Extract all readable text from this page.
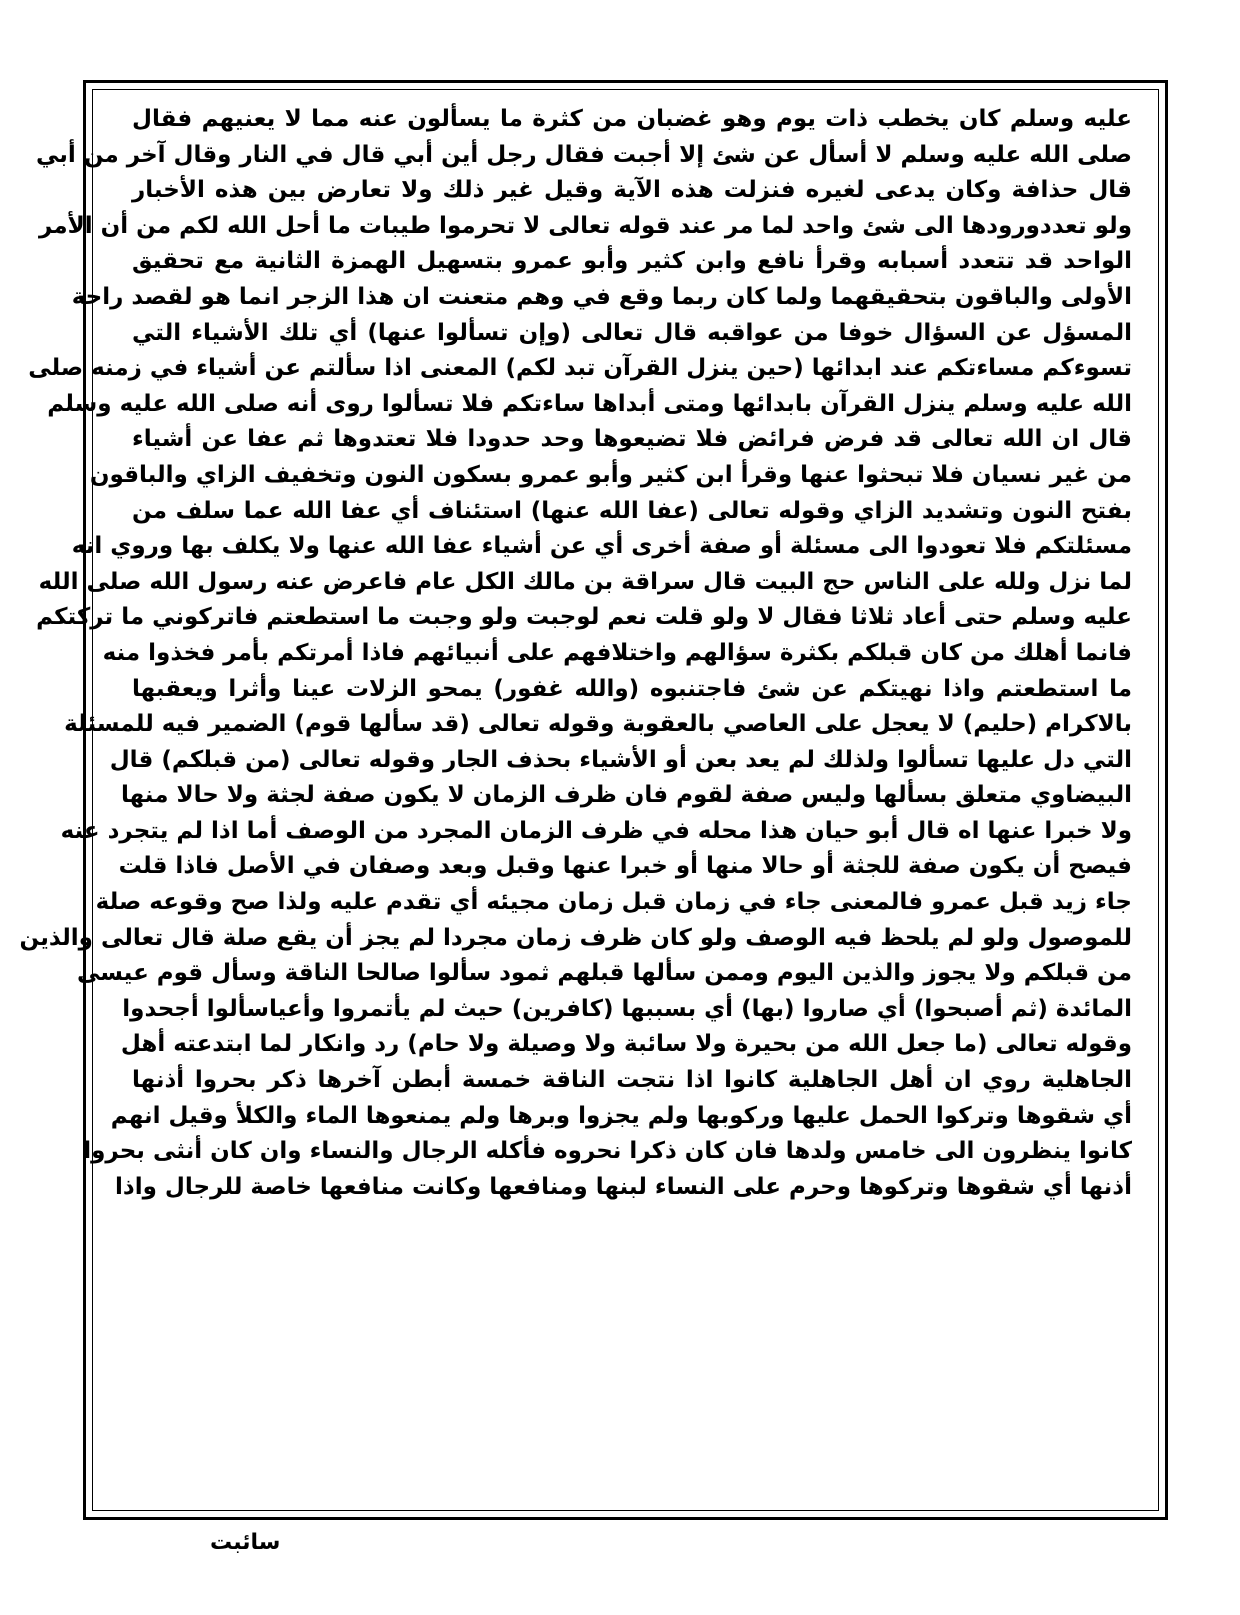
عليه وسلم كان يخطب ذات يوم وهو غضبان من كثرة ما يسألون عنه مما لا يعنيهم فقال
صلى الله عليه وسلم لا أسأل عن شئ إلا أجبت فقال رجل أين أبي قال في النار وقال آخر من أبي
قال حذافة وكان يدعى لغيره فنزلت هذه الآية وقيل غير ذلك ولا تعارض بين هذه الأخبار
ولو تعددورودها الى شئ واحد لما مر عند قوله تعالى لا تحرموا طيبات ما أحل الله لكم من أن الأمر
الواحد قد تتعدد أسبابه وقرأ نافع وابن كثير وأبو عمرو بتسهيل الهمزة الثانية مع تحقيق
الأولى والباقون بتحقيقهما ولما كان ربما وقع في وهم متعنت ان هذا الزجر انما هو لقصد راحة
المسؤل عن السؤال خوفا من عواقبه قال تعالى (وإن تسألوا عنها) أي تلك الأشياء التي
تسوءكم مساءتكم عند ابدائها (حين ينزل القرآن تبد لكم) المعنى اذا سألتم عن أشياء في زمنه صلى
الله عليه وسلم ينزل القرآن بابدائها ومتى أبداها ساءتكم فلا تسألوا روى أنه صلى الله عليه وسلم
قال ان الله تعالى قد فرض فرائض فلا تضيعوها وحد حدودا فلا تعتدوها ثم عفا عن أشياء
من غير نسيان فلا تبحثوا عنها وقرأ ابن كثير وأبو عمرو بسكون النون وتخفيف الزاي والباقون
بفتح النون وتشديد الزاي وقوله تعالى (عفا الله عنها) استئناف أي عفا الله عما سلف من
مسئلتكم فلا تعودوا الى مسئلة أو صفة أخرى أي عن أشياء عفا الله عنها ولا يكلف بها وروي انه
لما نزل ولله على الناس حج البيت قال سراقة بن مالك الكل عام فاعرض عنه رسول الله صلى الله
عليه وسلم حتى أعاد ثلاثا فقال لا ولو قلت نعم لوجبت ولو وجبت ما استطعتم فاتركوني ما تركتكم
فانما أهلك من كان قبلكم بكثرة سؤالهم واختلافهم على أنبيائهم فاذا أمرتكم بأمر فخذوا منه
ما استطعتم واذا نهيتكم عن شئ فاجتنبوه (والله غفور) يمحو الزلات عينا وأثرا ويعقبها
بالاكرام (حليم) لا يعجل على العاصي بالعقوبة وقوله تعالى (قد سألها قوم) الضمير فيه للمسئلة
التي دل عليها تسألوا ولذلك لم يعد بعن أو الأشياء بحذف الجار وقوله تعالى (من قبلكم) قال
البيضاوي متعلق بسألها وليس صفة لقوم فان ظرف الزمان لا يكون صفة لجثة ولا حالا منها
ولا خبرا عنها اه قال أبو حيان هذا محله في ظرف الزمان المجرد من الوصف أما اذا لم يتجرد عنه
فيصح أن يكون صفة للجثة أو حالا منها أو خبرا عنها وقبل وبعد وصفان في الأصل فاذا قلت
جاء زيد قبل عمرو فالمعنى جاء في زمان قبل زمان مجيئه أي تقدم عليه ولذا صح وقوعه صلة
للموصول ولو لم يلحظ فيه الوصف ولو كان ظرف زمان مجردا لم يجز أن يقع صلة قال تعالى والذين
من قبلكم ولا يجوز والذين اليوم وممن سألها قبلهم ثمود سألوا صالحا الناقة وسأل قوم عيسى
المائدة (ثم أصبحوا) أي صاروا (بها) أي بسببها (كافرين) حيث لم يأتمروا وأعياسألوا أجحدوا
وقوله تعالى (ما جعل الله من بحيرة ولا سائبة ولا وصيلة ولا حام) رد وانكار لما ابتدعته أهل
الجاهلية روي ان أهل الجاهلية كانوا اذا نتجت الناقة خمسة أبطن آخرها ذكر بحروا أذنها
أي شقوها وتركوا الحمل عليها وركوبها ولم يجزوا وبرها ولم يمنعوها الماء والكلأ وقيل انهم
كانوا ينظرون الى خامس ولدها فان كان ذكرا نحروه فأكله الرجال والنساء وان كان أنثى بحروا
أذنها أي شقوها وتركوها وحرم على النساء لبنها ومنافعها وكانت منافعها خاصة للرجال واذا
سائبت
